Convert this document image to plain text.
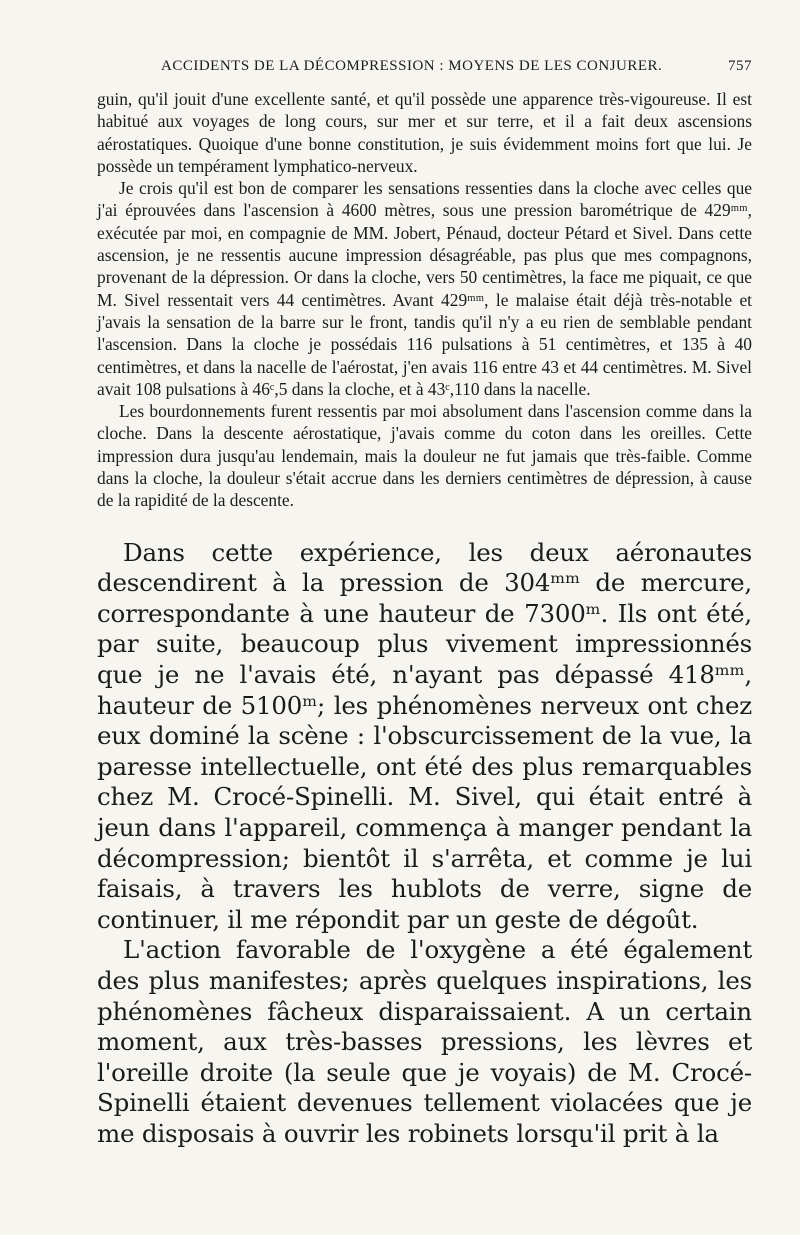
ACCIDENTS DE LA DÉCOMPRESSION : MOYENS DE LES CONJURER.	757

guin, qu'il jouit d'une excellente santé, et qu'il possède une apparence très-vigoureuse. Il est habitué aux voyages de long cours, sur mer et sur terre, et il a fait deux ascensions aérostatiques. Quoique d'une bonne constitution, je suis évidemment moins fort que lui. Je possède un tempérament lymphatico-nerveux.

Je crois qu'il est bon de comparer les sensations ressenties dans la cloche avec celles que j'ai éprouvées dans l'ascension à 4600 mètres, sous une pression barométrique de 429ᵐᵐ, exécutée par moi, en compagnie de MM. Jobert, Pénaud, docteur Pétard et Sivel. Dans cette ascension, je ne ressentis aucune impression désagréable, pas plus que mes compagnons, provenant de la dépression. Or dans la cloche, vers 50 centimètres, la face me piquait, ce que M. Sivel ressentait vers 44 centimètres. Avant 429ᵐᵐ, le malaise était déjà très-notable et j'avais la sensation de la barre sur le front, tandis qu'il n'y a eu rien de semblable pendant l'ascension. Dans la cloche je possédais 116 pulsations à 51 centimètres, et 135 à 40 centimètres, et dans la nacelle de l'aérostat, j'en avais 116 entre 43 et 44 centimètres. M. Sivel avait 108 pulsations à 46ᶜ,5 dans la cloche, et à 43ᶜ,110 dans la nacelle.

Les bourdonnements furent ressentis par moi absolument dans l'ascension comme dans la cloche. Dans la descente aérostatique, j'avais comme du coton dans les oreilles. Cette impression dura jusqu'au lendemain, mais la douleur ne fut jamais que très-faible. Comme dans la cloche, la douleur s'était accrue dans les derniers centimètres de dépression, à cause de la rapidité de la descente.

Dans cette expérience, les deux aéronautes descendirent à la pression de 304ᵐᵐ de mercure, correspondante à une hauteur de 7300ᵐ. Ils ont été, par suite, beaucoup plus vivement impressionnés que je ne l'avais été, n'ayant pas dépassé 418ᵐᵐ, hauteur de 5100ᵐ; les phénomènes nerveux ont chez eux dominé la scène : l'obscurcissement de la vue, la paresse intellectuelle, ont été des plus remarquables chez M. Crocé-Spinelli. M. Sivel, qui était entré à jeun dans l'appareil, commença à manger pendant la décompression; bientôt il s'arrêta, et comme je lui faisais, à travers les hublots de verre, signe de continuer, il me répondit par un geste de dégoût.

L'action favorable de l'oxygène a été également des plus manifestes; après quelques inspirations, les phénomènes fâcheux disparaissaient. A un certain moment, aux très-basses pressions, les lèvres et l'oreille droite (la seule que je voyais) de M. Crocé-Spinelli étaient devenues tellement violacées que je me disposais à ouvrir les robinets lorsqu'il prit à la
